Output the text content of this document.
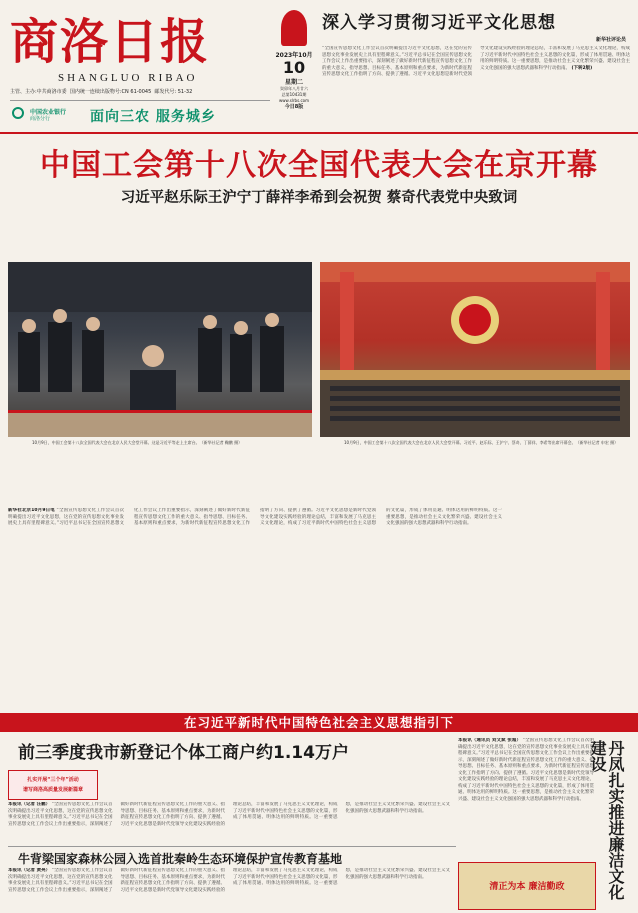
商洛日报
SHANGLUO RIBAO
主管、主办:中共商洛市委 国内统一连续出版物号:CN 61-0045 邮发代号: 51-32
中国农业银行
商洛分行	面向三农 服务城乡
2023年10月
10
星期二
癸卯年八月廿六
总第10431期
www.slrbs.com
今日8版
深入学习贯彻习近平文化思想
新华社评论员
“全国宣传思想文化工作会议首次明确提出习近平文化思想，这在党的宣传思想文化事业发展史上具有里程碑意义。”习近平总书记在全国宣传思想文化工作会议上作出重要指示，深刻阐述了做好新时代新征程宣传思想文化工作的重大意义、指导思想、目标任务、基本原则和重点要求，为新时代新征程宣传思想文化工作指明了方向、提供了遵循。习近平文化思想是新时代党领导文化建设实践经验的理论总结，丰富和发展了马克思主义文化理论，构成了习近平新时代中国特色社会主义思想的文化篇，形成了体用贯通、明体达用的鲜明特质。这一重要思想，是推动社会主义文化繁荣兴盛、建设社会主义文化强国的强大思想武器和科学行动指南。 (下转2版)
中国工会第十八次全国代表大会在京开幕
习近平赵乐际王沪宁丁薛祥李希到会祝贺 蔡奇代表党中央致词
10月9日，中国工会第十八次全国代表大会在北京人民大会堂开幕。这是习近平等走上主席台。（新华社记者 鞠鹏 摄）	10月9日，中国工会第十八次全国代表大会在北京人民大会堂开幕。习近平、赵乐际、王沪宁、蔡奇、丁薛祥、李希等出席开幕会。（新华社记者 申宏 摄）
新华社北京10月9日电 “全国宣传思想文化工作会议首次明确提出习近平文化思想，这在党的宣传思想文化事业发展史上具有里程碑意义。”习近平总书记在全国宣传思想文化工作会议上作出重要指示，深刻阐述了做好新时代新征程宣传思想文化工作的重大意义、指导思想、目标任务、基本原则和重点要求，为新时代新征程宣传思想文化工作指明了方向、提供了遵循。习近平文化思想是新时代党领导文化建设实践经验的理论总结，丰富和发展了马克思主义文化理论，构成了习近平新时代中国特色社会主义思想的文化篇，形成了体用贯通、明体达用的鲜明特质。这一重要思想，是推动社会主义文化繁荣兴盛、建设社会主义文化强国的强大思想武器和科学行动指南。
在习近平新时代中国特色社会主义思想指引下
前三季度我市新登记个体工商户约1.14万户
扎实开展“三个年”活动
谱写商洛高质量发展新篇章
本报讯（记者 汪鹏） “全国宣传思想文化工作会议首次明确提出习近平文化思想，这在党的宣传思想文化事业发展史上具有里程碑意义。”习近平总书记在全国宣传思想文化工作会议上作出重要指示，深刻阐述了做好新时代新征程宣传思想文化工作的重大意义、指导思想、目标任务、基本原则和重点要求，为新时代新征程宣传思想文化工作指明了方向、提供了遵循。习近平文化思想是新时代党领导文化建设实践经验的理论总结，丰富和发展了马克思主义文化理论，构成了习近平新时代中国特色社会主义思想的文化篇，形成了体用贯通、明体达用的鲜明特质。这一重要思想，是推动社会主义文化繁荣兴盛、建设社会主义文化强国的强大思想武器和科学行动指南。
牛背梁国家森林公园入选首批秦岭生态环境保护宣传教育基地
本报讯（记者 黄亮） “全国宣传思想文化工作会议首次明确提出习近平文化思想，这在党的宣传思想文化事业发展史上具有里程碑意义。”习近平总书记在全国宣传思想文化工作会议上作出重要指示，深刻阐述了做好新时代新征程宣传思想文化工作的重大意义、指导思想、目标任务、基本原则和重点要求，为新时代新征程宣传思想文化工作指明了方向、提供了遵循。习近平文化思想是新时代党领导文化建设实践经验的理论总结，丰富和发展了马克思主义文化理论，构成了习近平新时代中国特色社会主义思想的文化篇，形成了体用贯通、明体达用的鲜明特质。这一重要思想，是推动社会主义文化繁荣兴盛、建设社会主义文化强国的强大思想武器和科学行动指南。
本报讯（通讯员 刘文斌 张超） “全国宣传思想文化工作会议首次明确提出习近平文化思想，这在党的宣传思想文化事业发展史上具有里程碑意义。”习近平总书记在全国宣传思想文化工作会议上作出重要指示，深刻阐述了做好新时代新征程宣传思想文化工作的重大意义、指导思想、目标任务、基本原则和重点要求，为新时代新征程宣传思想文化工作指明了方向、提供了遵循。习近平文化思想是新时代党领导文化建设实践经验的理论总结，丰富和发展了马克思主义文化理论，构成了习近平新时代中国特色社会主义思想的文化篇，形成了体用贯通、明体达用的鲜明特质。这一重要思想，是推动社会主义文化繁荣兴盛、建设社会主义文化强国的强大思想武器和科学行动指南。	丹凤扎实推进廉洁文化建设
清正为本 廉洁勤政
